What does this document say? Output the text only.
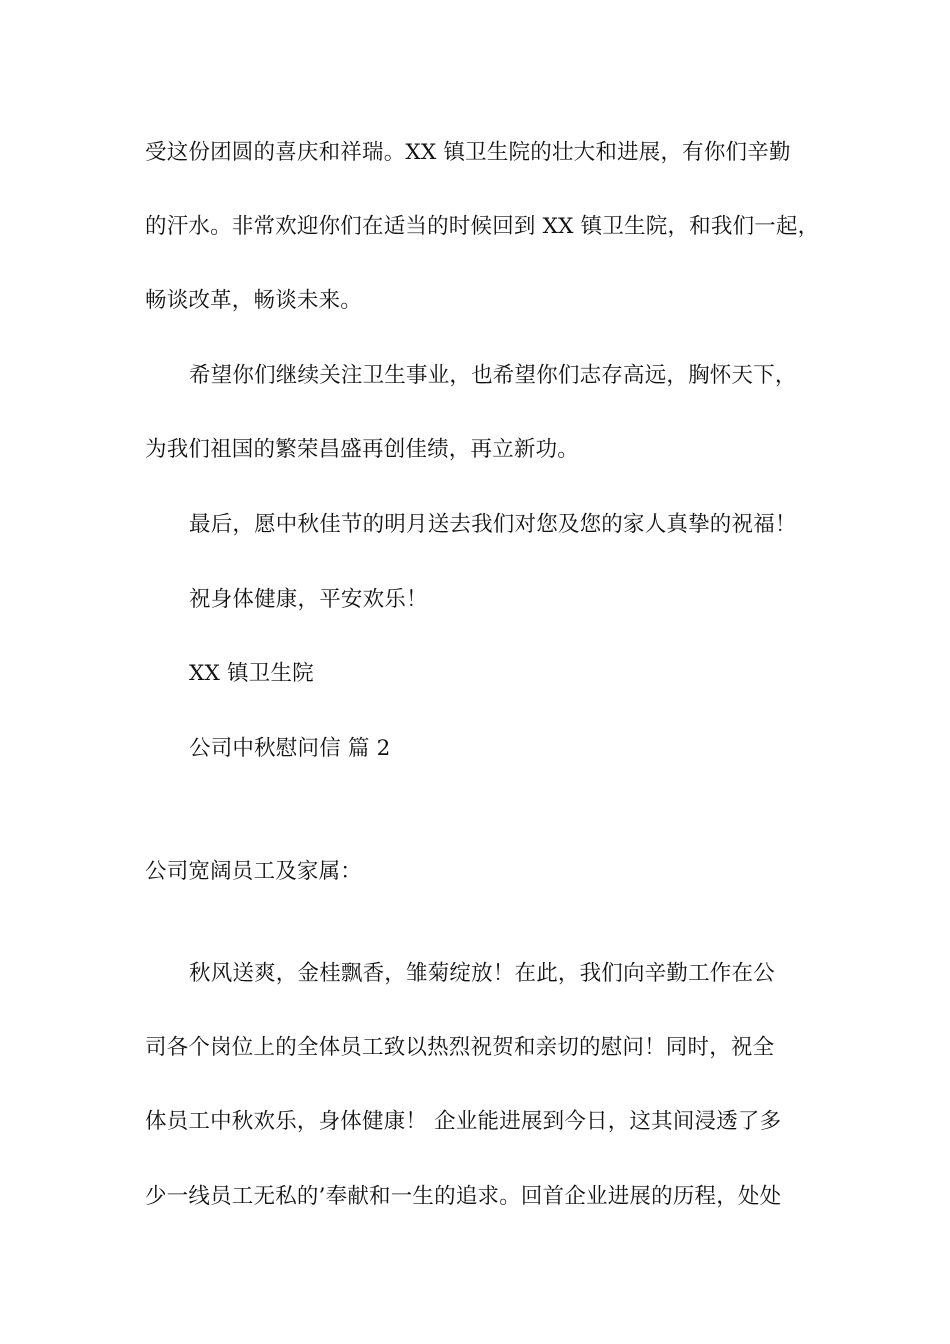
受这份团圆的喜庆和祥瑞。XX 镇卫生院的壮大和进展，有你们辛勤
的汗水。非常欢迎你们在适当的时候回到 XX 镇卫生院，和我们一起，
畅谈改革，畅谈未来。
希望你们继续关注卫生事业，也希望你们志存高远，胸怀天下，
为我们祖国的繁荣昌盛再创佳绩，再立新功。
最后，愿中秋佳节的明月送去我们对您及您的家人真挚的祝福！
祝身体健康，平安欢乐！
XX 镇卫生院
公司中秋慰问信 篇 2
公司宽阔员工及家属：
秋风送爽，金桂飘香，雏菊绽放！在此，我们向辛勤工作在公
司各个岗位上的全体员工致以热烈祝贺和亲切的慰问！同时，祝全
体员工中秋欢乐，身体健康！ 企业能进展到今日，这其间浸透了多
少一线员工无私的’奉献和一生的追求。回首企业进展的历程，处处
